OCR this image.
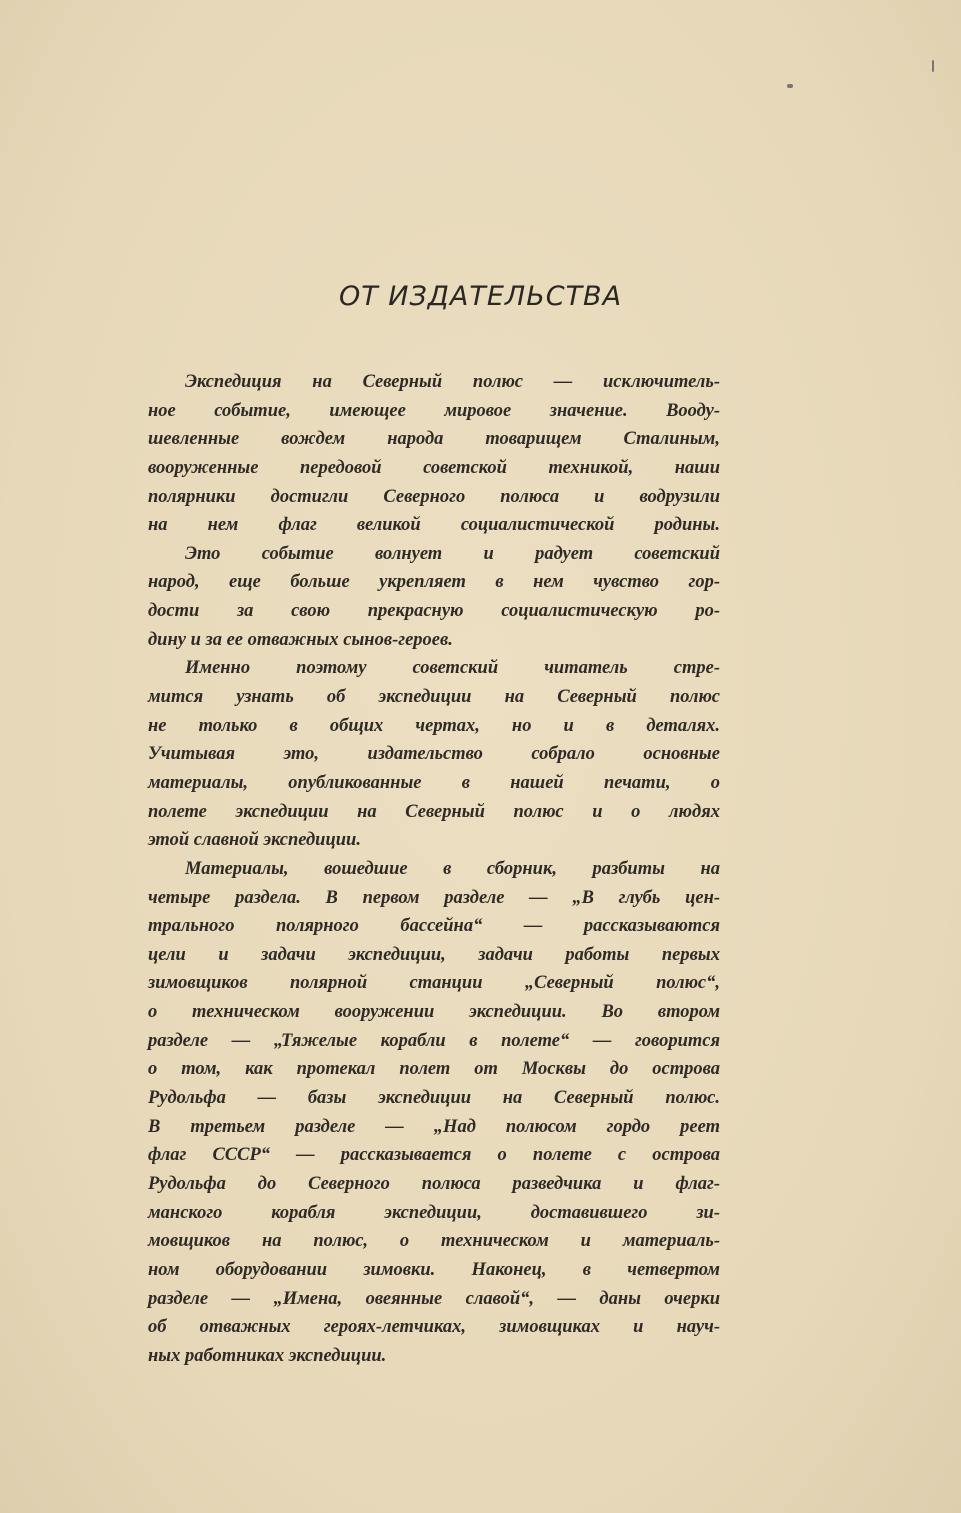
ОТ ИЗДАТЕЛЬСТВА
Экспедиция на Северный полюс — исключитель-
ное событие, имеющее мировое значение. Вооду-
шевленные вождем народа товарищем Сталиным,
вооруженные передовой советской техникой, наши
полярники достигли Северного полюса и водрузили
на нем флаг великой социалистической родины.
Это событие волнует и радует советский
народ, еще больше укрепляет в нем чувство гор-
дости за свою прекрасную социалистическую ро-
дину и за ее отважных сынов-героев.
Именно поэтому советский читатель стре-
мится узнать об экспедиции на Северный полюс
не только в общих чертах, но и в деталях.
Учитывая это, издательство собрало основные
материалы, опубликованные в нашей печати, о
полете экспедиции на Северный полюс и о людях
этой славной экспедиции.
Материалы, вошедшие в сборник, разбиты на
четыре раздела. В первом разделе — „В глубь цен-
трального полярного бассейна“ — рассказываются
цели и задачи экспедиции, задачи работы первых
зимовщиков полярной станции „Северный полюс“,
о техническом вооружении экспедиции. Во втором
разделе — „Тяжелые корабли в полете“ — говорится
о том, как протекал полет от Москвы до острова
Рудольфа — базы экспедиции на Северный полюс.
В третьем разделе — „Над полюсом гордо реет
флаг СССР“ — рассказывается о полете с острова
Рудольфа до Северного полюса разведчика и флаг-
манского корабля экспедиции, доставившего зи-
мовщиков на полюс, о техническом и материаль-
ном оборудовании зимовки. Наконец, в четвертом
разделе — „Имена, овеянные славой“, — даны очерки
об отважных героях-летчиках, зимовщиках и науч-
ных работниках экспедиции.
